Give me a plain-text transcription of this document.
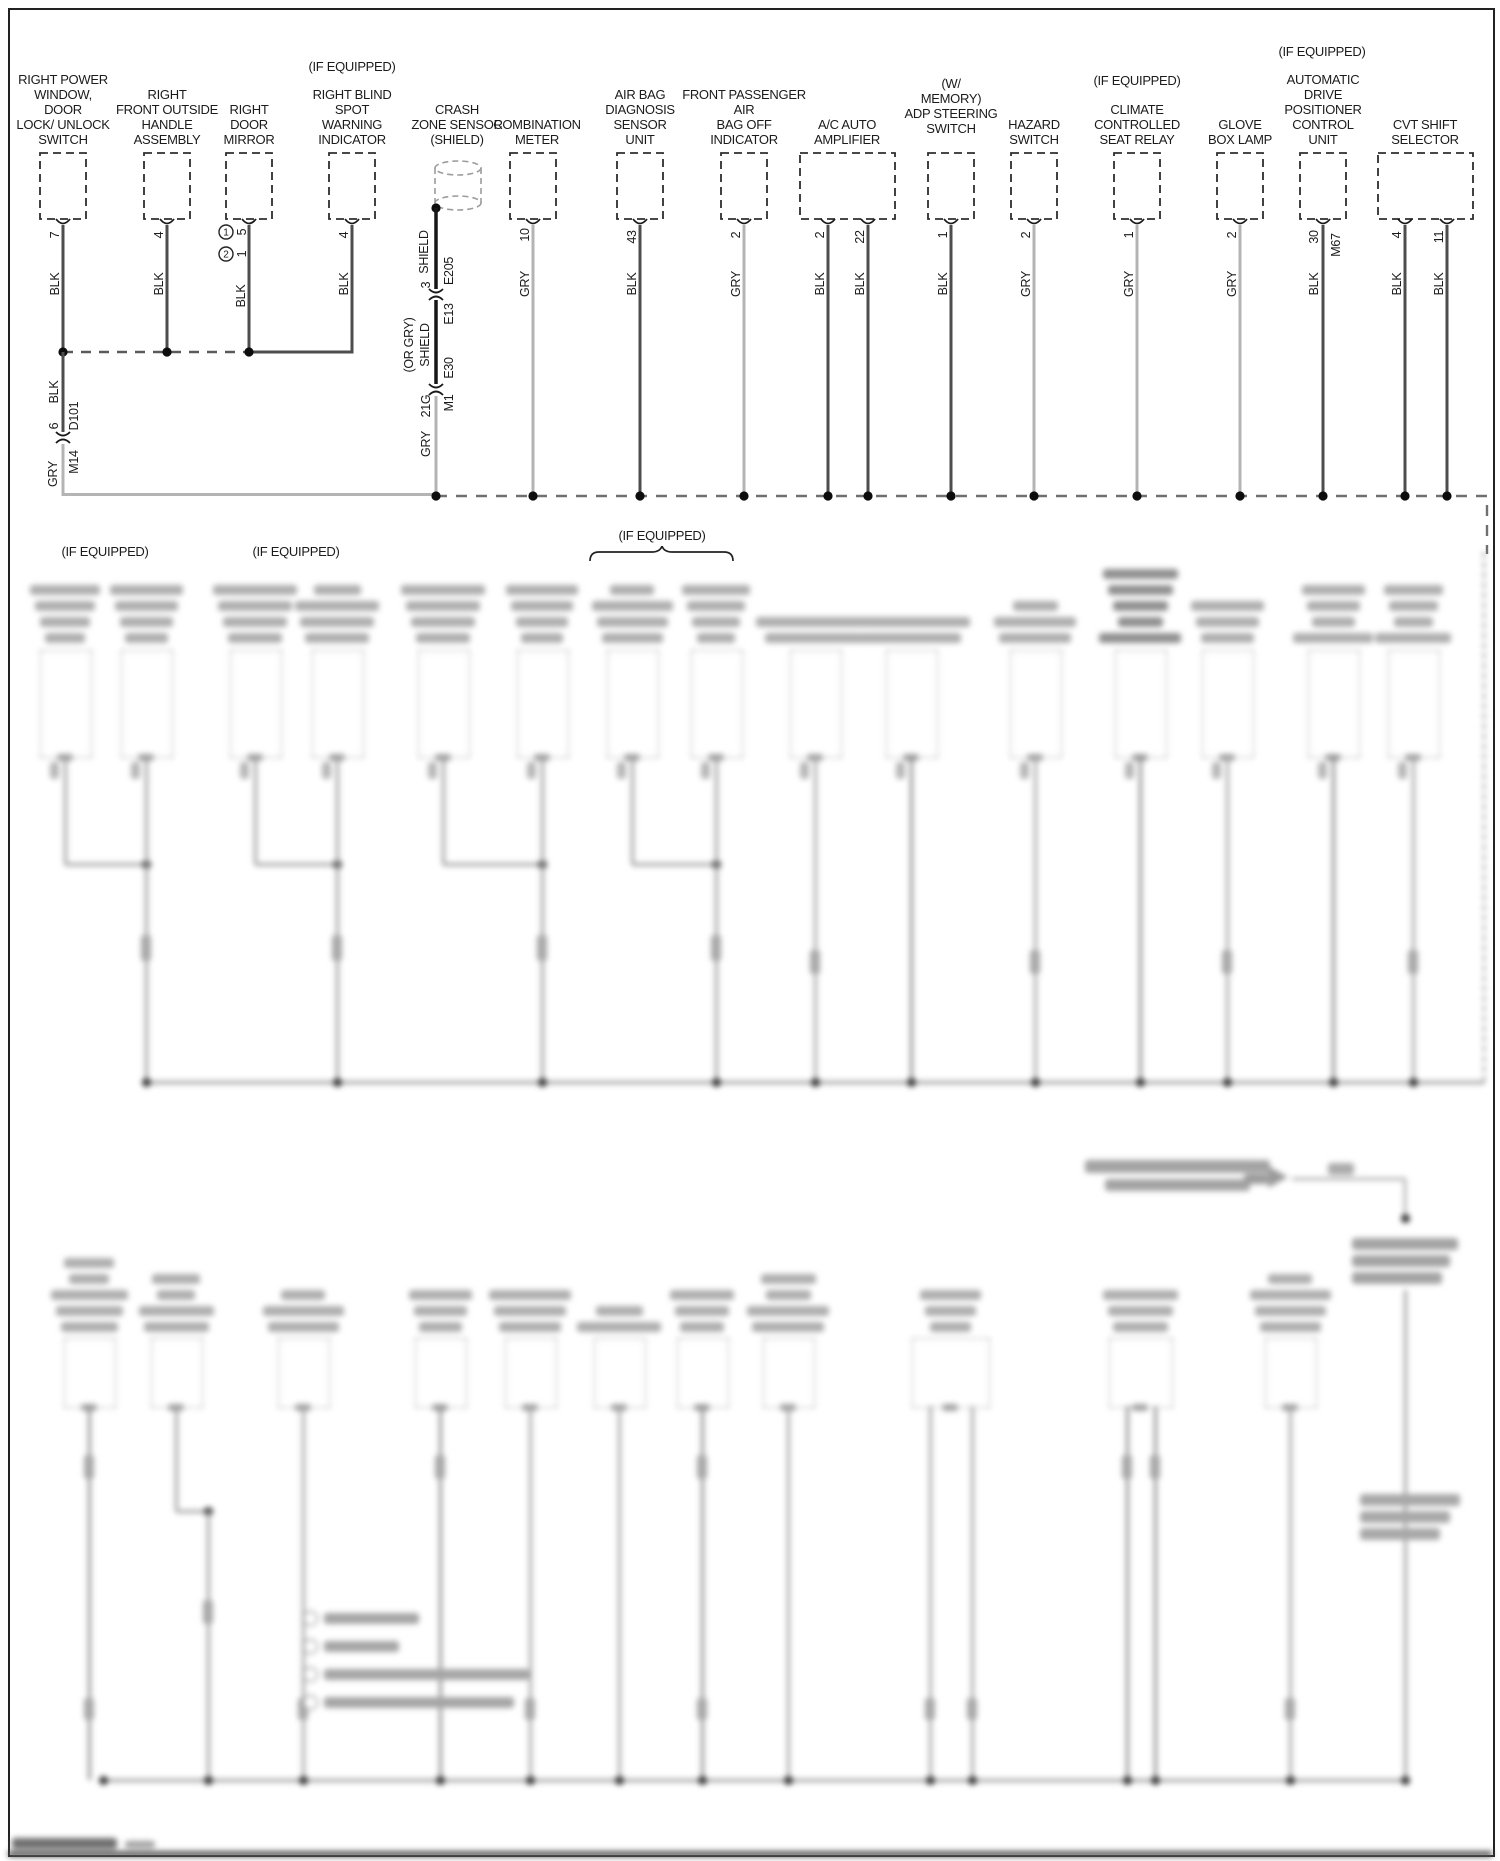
RIGHT POWER
WINDOW,
DOOR
LOCK/ UNLOCK
SWITCH
7
BLK
RIGHT
FRONT OUTSIDE
HANDLE
ASSEMBLY
4
BLK
RIGHT
DOOR
MIRROR
1 5
2 1
BLK
(IF EQUIPPED)
RIGHT BLIND
SPOT
WARNING
INDICATOR
4
BLK
CRASH
ZONE SENSOR
(SHIELD)
SHIELD E205
3
E13
(OR GRY) SHIELD
E30
M1
21G
GRY
COMBINATION
METER
10
GRY
AIR BAG
DIAGNOSIS
SENSOR
UNIT
43
BLK
FRONT PASSENGER
AIR
BAG OFF
INDICATOR
2
GRY
A/C AUTO
AMPLIFIER
2 22
BLK BLK
(W/
MEMORY)
ADP STEERING
SWITCH
1
BLK
HAZARD
SWITCH
2
GRY
(IF EQUIPPED)
CLIMATE
CONTROLLED
SEAT RELAY
1
GRY
GLOVE
BOX LAMP
2
GRY
(IF EQUIPPED)
AUTOMATIC
DRIVE
POSITIONER
CONTROL
UNIT
30 M67
BLK
CVT SHIFT
SELECTOR
4 11
BLK BLK
BLK
6 D101
M14
GRY
(IF EQUIPPED)	(IF EQUIPPED)
(IF EQUIPPED)
